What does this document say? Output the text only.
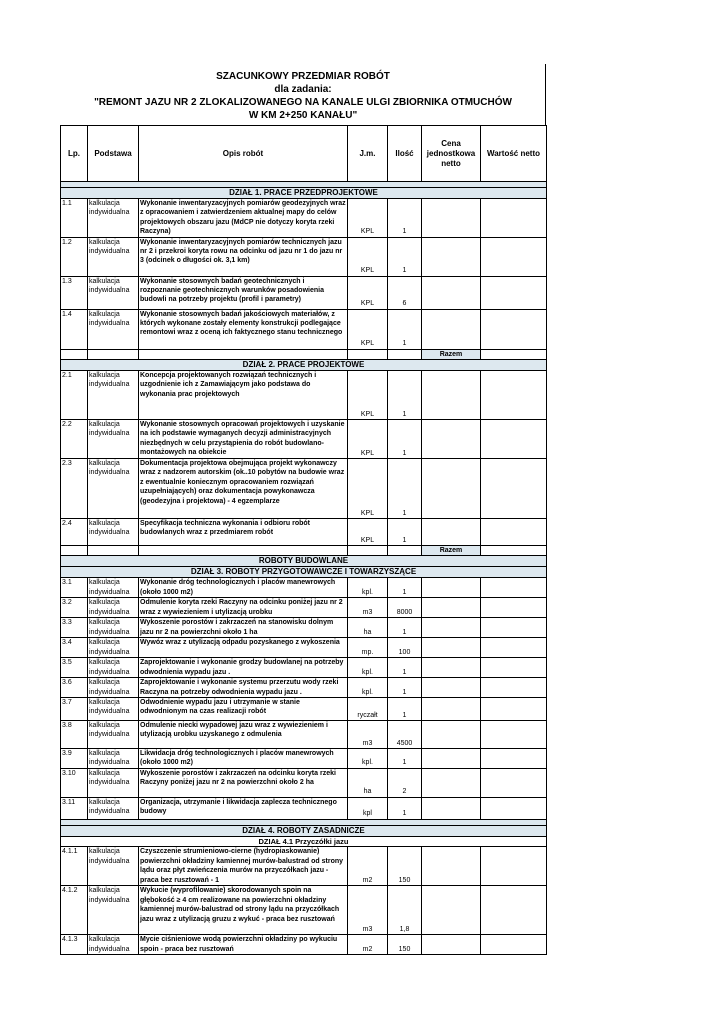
SZACUNKOWY PRZEDMIAR ROBÓT
dla zadania:
"REMONT JAZU NR 2 ZLOKALIZOWANEGO NA KANALE ULGI ZBIORNIKA OTMUCHÓW
W KM 2+250 KANAŁU"
Lp.	Podstawa	Opis robót	J.m.	Ilość	Cena
jednostkowa
netto	Wartość netto

DZIAŁ 1. PRACE PRZEDPROJEKTOWE						
1.1	kalkulacja indywidualna	Wykonanie inwentaryzacyjnych pomiarów geodezyjnych wraz z opracowaniem i zatwierdzeniem aktualnej mapy do celów projektowych obszaru jazu (MdCP nie dotyczy koryta rzeki Raczyna)	KPL	1		
1.2	kalkulacja indywidualna	Wykonanie inwentaryzacyjnych pomiarów technicznych jazu nr 2 i przekroi koryta rowu na odcinku od jazu nr 1 do jazu nr 3 (odcinek o długości ok. 3,1 km)	KPL	1		
1.3	kalkulacja indywidualna	Wykonanie stosownych badań geotechnicznych i rozpoznanie geotechnicznych warunków posadowienia budowli na potrzeby projektu (profil i parametry)	KPL	6		
1.4	kalkulacja indywidualna	Wykonanie stosownych badań jakościowych materiałów, z których wykonane zostały elementy konstrukcji podlegające remontowi wraz z oceną ich faktycznego stanu technicznego	KPL	1		
					Razem	
DZIAŁ 2. PRACE PROJEKTOWE						
2.1	kalkulacja indywidualna	Koncepcja projektowanych rozwiązań technicznych i uzgodnienie ich z Zamawiającym jako podstawa do wykonania prac projektowych	KPL	1		
2.2	kalkulacja indywidualna	Wykonanie stosownych opracowań projektowych i uzyskanie na ich podstawie wymaganych decyzji administracyjnych niezbędnych w celu przystąpienia do robót budowlano-montażowych na obiekcie	KPL	1		
2.3	kalkulacja indywidualna	Dokumentacja projektowa obejmująca projekt wykonawczy wraz z nadzorem autorskim (ok..10 pobytów na budowie wraz z ewentualnie koniecznym opracowaniem rozwiązań uzupełniających) oraz dokumentacja powykonawcza (geodezyjna i projektowa) - 4 egzemplarze	KPL	1		
2.4	kalkulacja indywidualna	Specyfikacja techniczna wykonania i odbioru robót budowlanych wraz z przedmiarem robót	KPL	1		
					Razem	
ROBOTY BUDOWLANE						
DZIAŁ 3. ROBOTY PRZYGOTOWAWCZE I TOWARZYSZĄCE						
3.1	kalkulacja indywidualna	Wykonanie dróg technologicznych i placów manewrowych (około 1000 m2)	kpl.	1		
3.2	kalkulacja indywidualna	Odmulenie koryta rzeki Raczyny na odcinku poniżej jazu nr 2 wraz z wywiezieniem i utylizacją urobku	m3	8000		
3.3	kalkulacja indywidualna	Wykoszenie porostów i zakrzaczeń na stanowisku dolnym jazu nr 2 na powierzchni około 1 ha	ha	1		
3.4	kalkulacja indywidualna	Wywóz wraz z utylizacją odpadu pozyskanego z wykoszenia	mp.	100		
3.5	kalkulacja indywidualna	Zaprojektowanie i wykonanie grodzy budowlanej na potrzeby odwodnienia wypadu jazu .	kpl.	1		
3.6	kalkulacja indywidualna	Zaprojektowanie i wykonanie systemu przerzutu wody rzeki Raczyna na potrzeby odwodnienia wypadu jazu .	kpl.	1		
3.7	kalkulacja indywidualna	Odwodnienie wypadu jazu i utrzymanie w stanie odwodnionym na czas realizacji robót	ryczałt	1		
3.8	kalkulacja indywidualna	Odmulenie niecki wypadowej jazu wraz z wywiezieniem i utylizacją urobku uzyskanego z odmulenia	m3	4500		
3.9	kalkulacja indywidualna	Likwidacja dróg technologicznych i placów manewrowych (około 1000 m2)	kpl.	1		
3.10	kalkulacja indywidualna	Wykoszenie porostów i zakrzaczeń na odcinku koryta rzeki Raczyny poniżej jazu nr 2 na powierzchni około 2 ha	ha	2		
3.11	kalkulacja indywidualna	Organizacja, utrzymanie i likwidacja zaplecza technicznego budowy	kpl	1		

DZIAŁ 4. ROBOTY ZASADNICZE						
DZIAŁ 4.1 Przyczółki jazu						
4.1.1	kalkulacja indywidualna	Czyszczenie strumieniowo-cierne (hydropiaskowanie) powierzchni okładziny kamiennej murów-balustrad od strony lądu oraz płyt zwieńczenia murów na przyczółkach jazu - praca bez rusztowań - 1	m2	150		
4.1.2	kalkulacja indywidualna	Wykucie (wyprofilowanie) skorodowanych spoin na głębokość ≥ 4 cm realizowane na powierzchni okładziny kamiennej murów-balustrad od strony lądu na przyczółkach jazu wraz z utylizacją gruzu z wykuć - praca bez rusztowań	m3	1,8		
4.1.3	kalkulacja indywidualna	Mycie ciśnieniowe wodą powierzchni okładziny po wykuciu spoin - praca bez rusztowań	m2	150		
